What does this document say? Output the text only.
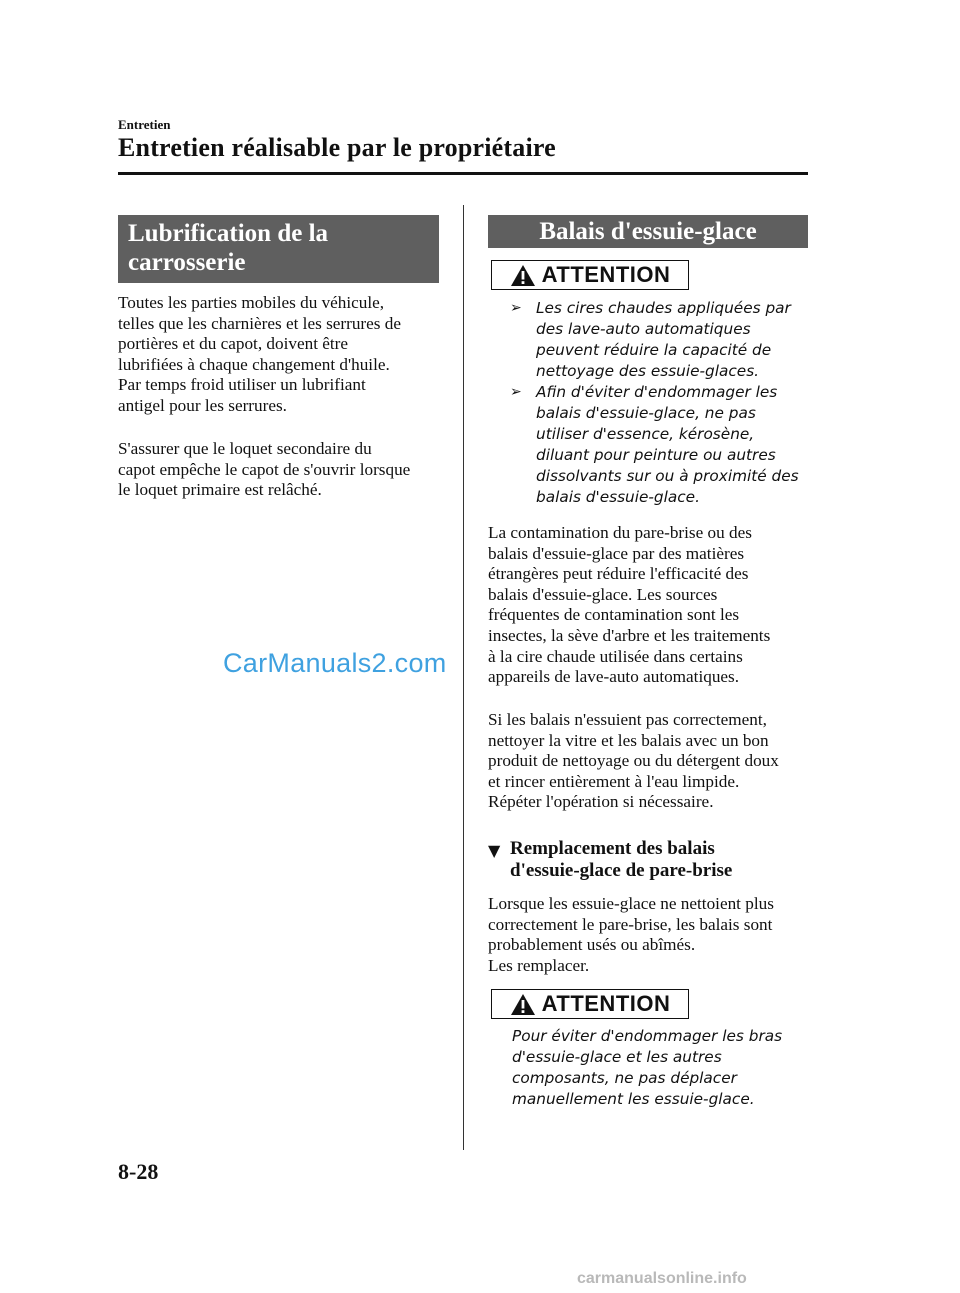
Entretien
Entretien réalisable par le propriétaire
Lubrification de la
carrosserie
Toutes les parties mobiles du véhicule,
telles que les charnières et les serrures de
portières et du capot, doivent être
lubrifiées à chaque changement d'huile.
Par temps froid utiliser un lubrifiant
antigel pour les serrures.
S'assurer que le loquet secondaire du
capot empêche le capot de s'ouvrir lorsque
le loquet primaire est relâché.
CarManuals2.com
Balais d'essuie-glace
ATTENTION
➢ Les cires chaudes appliquées par
des lave-auto automatiques
peuvent réduire la capacité de
nettoyage des essuie-glaces.
➢ Afin d'éviter d'endommager les
balais d'essuie-glace, ne pas
utiliser d'essence, kérosène,
diluant pour peinture ou autres
dissolvants sur ou à proximité des
balais d'essuie-glace.
La contamination du pare-brise ou des
balais d'essuie-glace par des matières
étrangères peut réduire l'efficacité des
balais d'essuie-glace. Les sources
fréquentes de contamination sont les
insectes, la sève d'arbre et les traitements
à la cire chaude utilisée dans certains
appareils de lave-auto automatiques.
Si les balais n'essuient pas correctement,
nettoyer la vitre et les balais avec un bon
produit de nettoyage ou du détergent doux
et rincer entièrement à l'eau limpide.
Répéter l'opération si nécessaire.
▼ Remplacement des balais
d'essuie-glace de pare-brise
Lorsque les essuie-glace ne nettoient plus
correctement le pare-brise, les balais sont
probablement usés ou abîmés.
Les remplacer.
ATTENTION
Pour éviter d'endommager les bras
d'essuie-glace et les autres
composants, ne pas déplacer
manuellement les essuie-glace.
8-28
carmanualsonline.info
